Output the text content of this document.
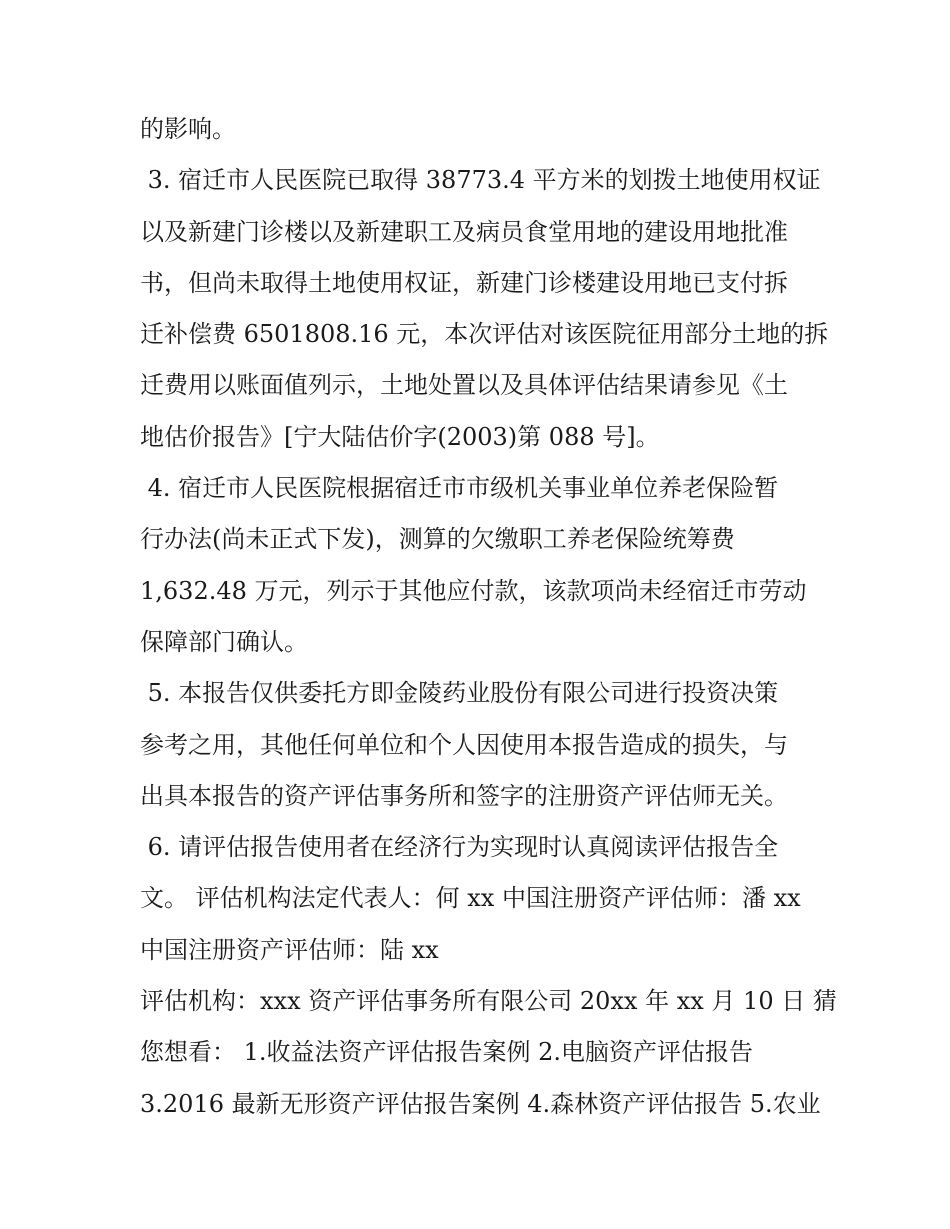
的影响。
3. 宿迁市人民医院已取得 38773.4 平方米的划拨土地使用权证
以及新建门诊楼以及新建职工及病员食堂用地的建设用地批准
书，但尚未取得土地使用权证，新建门诊楼建设用地已支付拆
迁补偿费 6501808.16 元，本次评估对该医院征用部分土地的拆
迁费用以账面值列示，土地处置以及具体评估结果请参见《土
地估价报告》[宁大陆估价字(2003)第 088 号]。
4. 宿迁市人民医院根据宿迁市市级机关事业单位养老保险暂
行办法(尚未正式下发)，测算的欠缴职工养老保险统筹费
1,632.48 万元，列示于其他应付款，该款项尚未经宿迁市劳动
保障部门确认。
5. 本报告仅供委托方即金陵药业股份有限公司进行投资决策
参考之用，其他任何单位和个人因使用本报告造成的损失，与
出具本报告的资产评估事务所和签字的注册资产评估师无关。
6. 请评估报告使用者在经济行为实现时认真阅读评估报告全
文。 评估机构法定代表人：何 xx 中国注册资产评估师：潘 xx
中国注册资产评估师：陆 xx
评估机构：xxx 资产评估事务所有限公司 20xx 年 xx 月 10 日 猜
您想看： 1.收益法资产评估报告案例 2.电脑资产评估报告
3.2016 最新无形资产评估报告案例 4.森林资产评估报告 5.农业
